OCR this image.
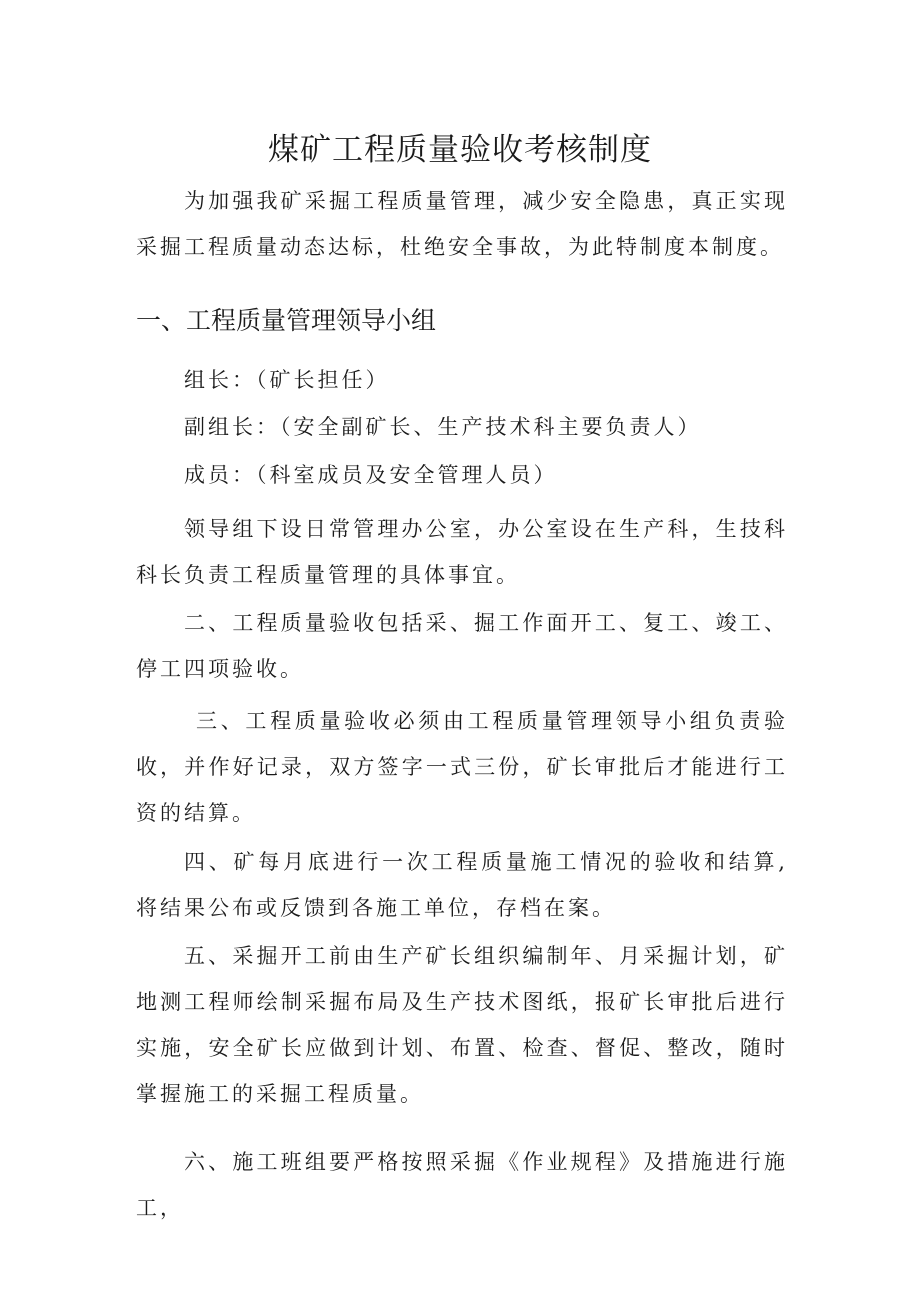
煤矿工程质量验收考核制度

为加强我矿采掘工程质量管理，减少安全隐患，真正实现采掘工程质量动态达标，杜绝安全事故，为此特制度本制度。

一、工程质量管理领导小组

组长：（矿长担任）

副组长：（安全副矿长、生产技术科主要负责人）

成员：（科室成员及安全管理人员）

领导组下设日常管理办公室，办公室设在生产科，生技科科长负责工程质量管理的具体事宜。

二、工程质量验收包括采、掘工作面开工、复工、竣工、停工四项验收。

三、工程质量验收必须由工程质量管理领导小组负责验收，并作好记录，双方签字一式三份，矿长审批后才能进行工资的结算。

四、矿每月底进行一次工程质量施工情况的验收和结算,将结果公布或反馈到各施工单位，存档在案。

五、采掘开工前由生产矿长组织编制年、月采掘计划，矿地测工程师绘制采掘布局及生产技术图纸，报矿长审批后进行实施，安全矿长应做到计划、布置、检查、督促、整改，随时掌握施工的采掘工程质量。

六、施工班组要严格按照采掘《作业规程》及措施进行施工，
